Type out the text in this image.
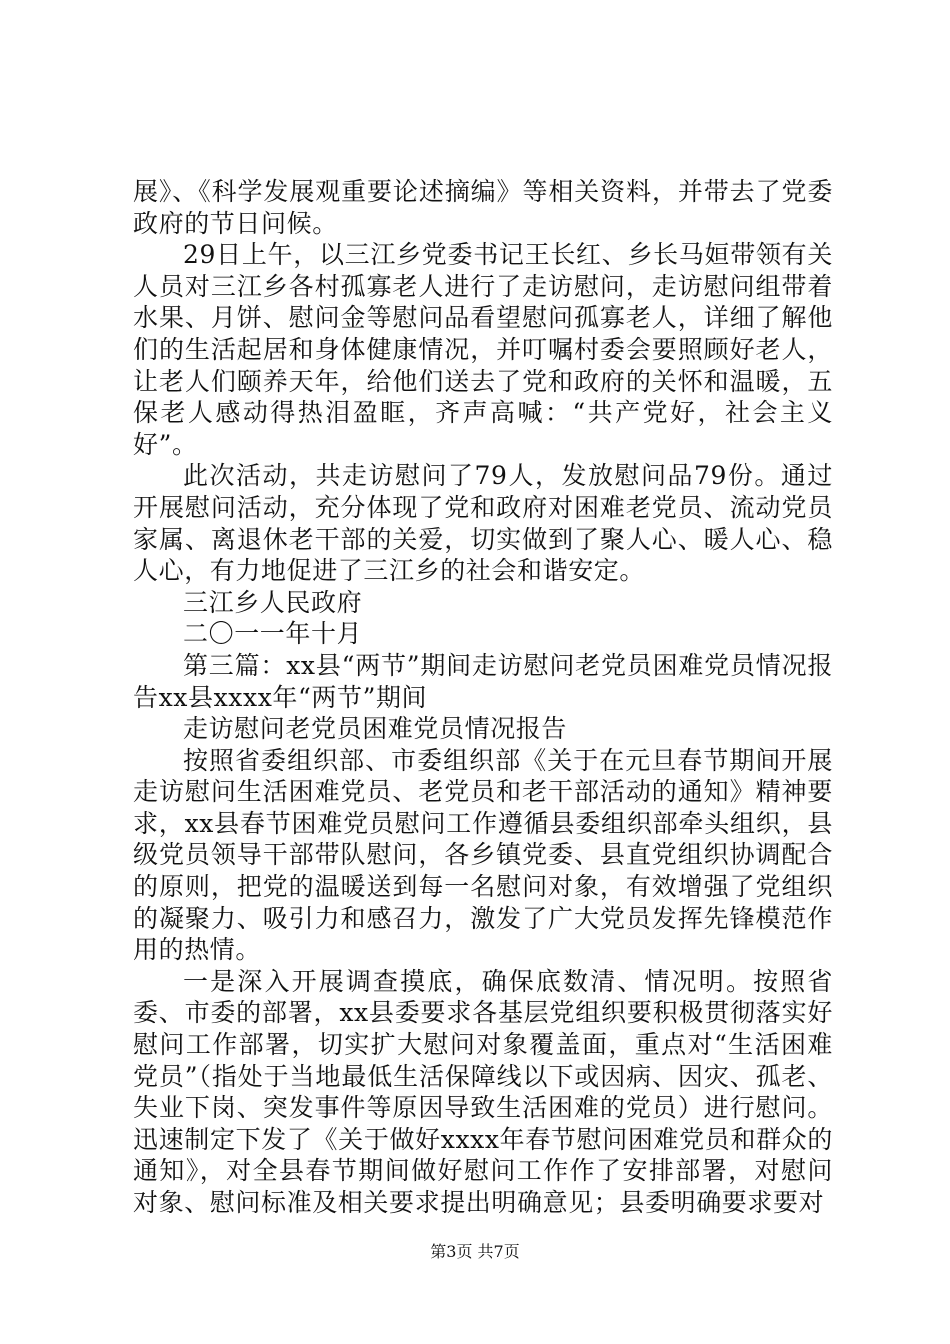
展》、《科学发展观重要论述摘编》等相关资料，并带去了党委政府的节日问候。

29日上午，以三江乡党委书记王长红、乡长马姮带领有关人员对三江乡各村孤寡老人进行了走访慰问，走访慰问组带着水果、月饼、慰问金等慰问品看望慰问孤寡老人，详细了解他们的生活起居和身体健康情况，并叮嘱村委会要照顾好老人，让老人们颐养天年，给他们送去了党和政府的关怀和温暖，五保老人感动得热泪盈眶，齐声高喊：“共产党好，社会主义好”。

此次活动，共走访慰问了79人，发放慰问品79份。通过开展慰问活动，充分体现了党和政府对困难老党员、流动党员家属、离退休老干部的关爱，切实做到了聚人心、暖人心、稳人心，有力地促进了三江乡的社会和谐安定。

三江乡人民政府

二〇一一年十月

第三篇：xx县“两节”期间走访慰问老党员困难党员情况报告xx县xxxx年“两节”期间

走访慰问老党员困难党员情况报告

按照省委组织部、市委组织部《关于在元旦春节期间开展走访慰问生活困难党员、老党员和老干部活动的通知》精神要求，xx县春节困难党员慰问工作遵循县委组织部牵头组织，县级党员领导干部带队慰问，各乡镇党委、县直党组织协调配合的原则，把党的温暖送到每一名慰问对象，有效增强了党组织的凝聚力、吸引力和感召力，激发了广大党员发挥先锋模范作用的热情。

一是深入开展调查摸底，确保底数清、情况明。按照省委、市委的部署，xx县委要求各基层党组织要积极贯彻落实好慰问工作部署，切实扩大慰问对象覆盖面，重点对“生活困难党员”（指处于当地最低生活保障线以下或因病、因灾、孤老、失业下岗、突发事件等原因导致生活困难的党员）进行慰问。迅速制定下发了《关于做好xxxx年春节慰问困难党员和群众的通知》，对全县春节期间做好慰问工作作了安排部署，对慰问对象、慰问标准及相关要求提出明确意见；县委明确要求要对

第3页 共7页
